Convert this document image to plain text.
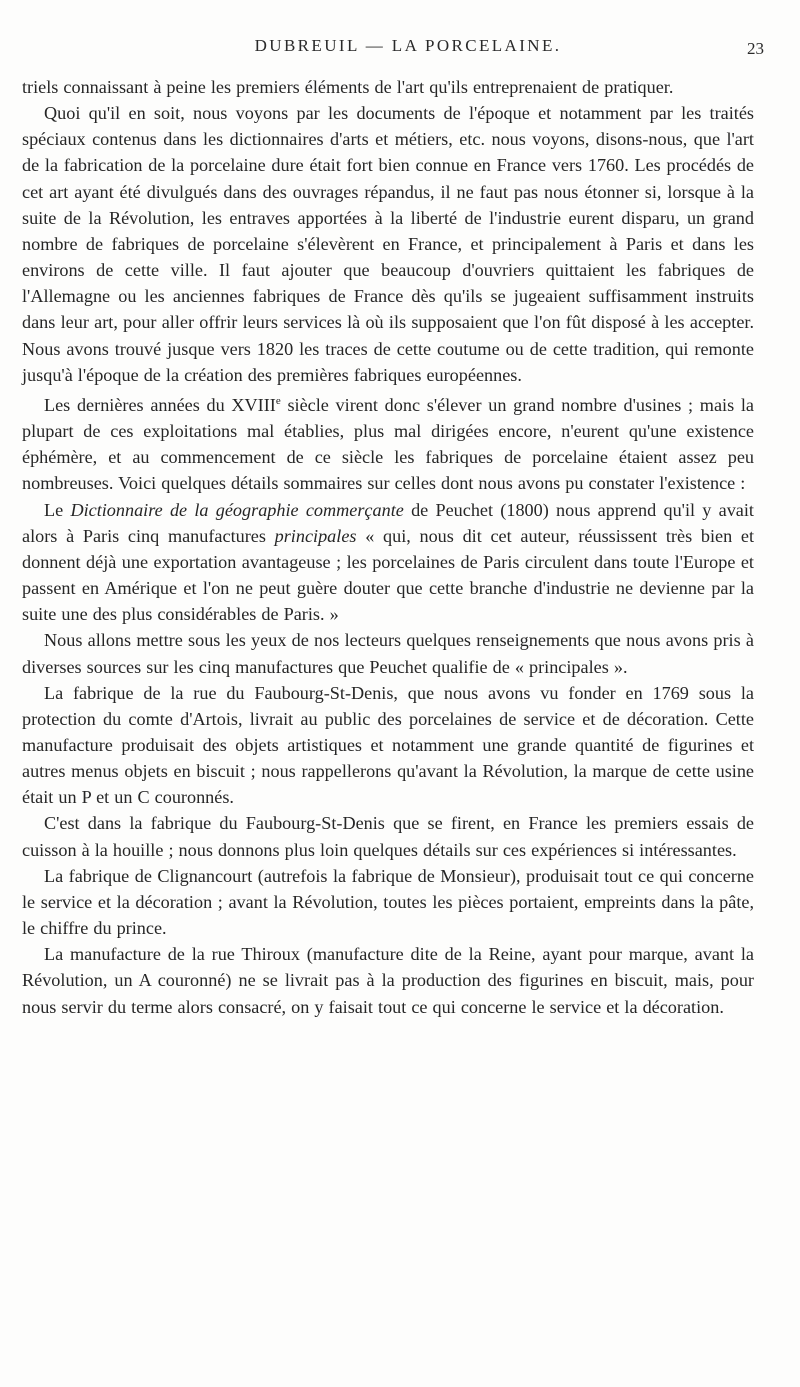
DUBREUIL — LA PORCELAINE.	23

triels connaissant à peine les premiers éléments de l'art qu'ils entreprenaient de pratiquer.

Quoi qu'il en soit, nous voyons par les documents de l'époque et notamment par les traités spéciaux contenus dans les dictionnaires d'arts et métiers, etc. nous voyons, disons-nous, que l'art de la fabrication de la porcelaine dure était fort bien connue en France vers 1760. Les procédés de cet art ayant été divulgués dans des ouvrages répandus, il ne faut pas nous étonner si, lorsque à la suite de la Révolution, les entraves apportées à la liberté de l'industrie eurent disparu, un grand nombre de fabriques de porcelaine s'élevèrent en France, et principalement à Paris et dans les environs de cette ville. Il faut ajouter que beaucoup d'ouvriers quittaient les fabriques de l'Allemagne ou les anciennes fabriques de France dès qu'ils se jugeaient suffisamment instruits dans leur art, pour aller offrir leurs services là où ils supposaient que l'on fût disposé à les accepter. Nous avons trouvé jusque vers 1820 les traces de cette coutume ou de cette tradition, qui remonte jusqu'à l'époque de la création des premières fabriques européennes.

Les dernières années du XVIIIe siècle virent donc s'élever un grand nombre d'usines ; mais la plupart de ces exploitations mal établies, plus mal dirigées encore, n'eurent qu'une existence éphémère, et au commencement de ce siècle les fabriques de porcelaine étaient assez peu nombreuses. Voici quelques détails sommaires sur celles dont nous avons pu constater l'existence :

Le Dictionnaire de la géographie commerçante de Peuchet (1800) nous apprend qu'il y avait alors à Paris cinq manufactures principales « qui, nous dit cet auteur, réussissent très bien et donnent déjà une exportation avantageuse ; les porcelaines de Paris circulent dans toute l'Europe et passent en Amérique et l'on ne peut guère douter que cette branche d'industrie ne devienne par la suite une des plus considérables de Paris. »

Nous allons mettre sous les yeux de nos lecteurs quelques renseignements que nous avons pris à diverses sources sur les cinq manufactures que Peuchet qualifie de « principales ».

La fabrique de la rue du Faubourg-St-Denis, que nous avons vu fonder en 1769 sous la protection du comte d'Artois, livrait au public des porcelaines de service et de décoration. Cette manufacture produisait des objets artistiques et notamment une grande quantité de figurines et autres menus objets en biscuit ; nous rappellerons qu'avant la Révolution, la marque de cette usine était un P et un C couronnés.

C'est dans la fabrique du Faubourg-St-Denis que se firent, en France les premiers essais de cuisson à la houille ; nous donnons plus loin quelques détails sur ces expériences si intéressantes.

La fabrique de Clignancourt (autrefois la fabrique de Monsieur), produisait tout ce qui concerne le service et la décoration ; avant la Révolution, toutes les pièces portaient, empreints dans la pâte, le chiffre du prince.

La manufacture de la rue Thiroux (manufacture dite de la Reine, ayant pour marque, avant la Révolution, un A couronné) ne se livrait pas à la production des figurines en biscuit, mais, pour nous servir du terme alors consacré, on y faisait tout ce qui concerne le service et la décoration.
